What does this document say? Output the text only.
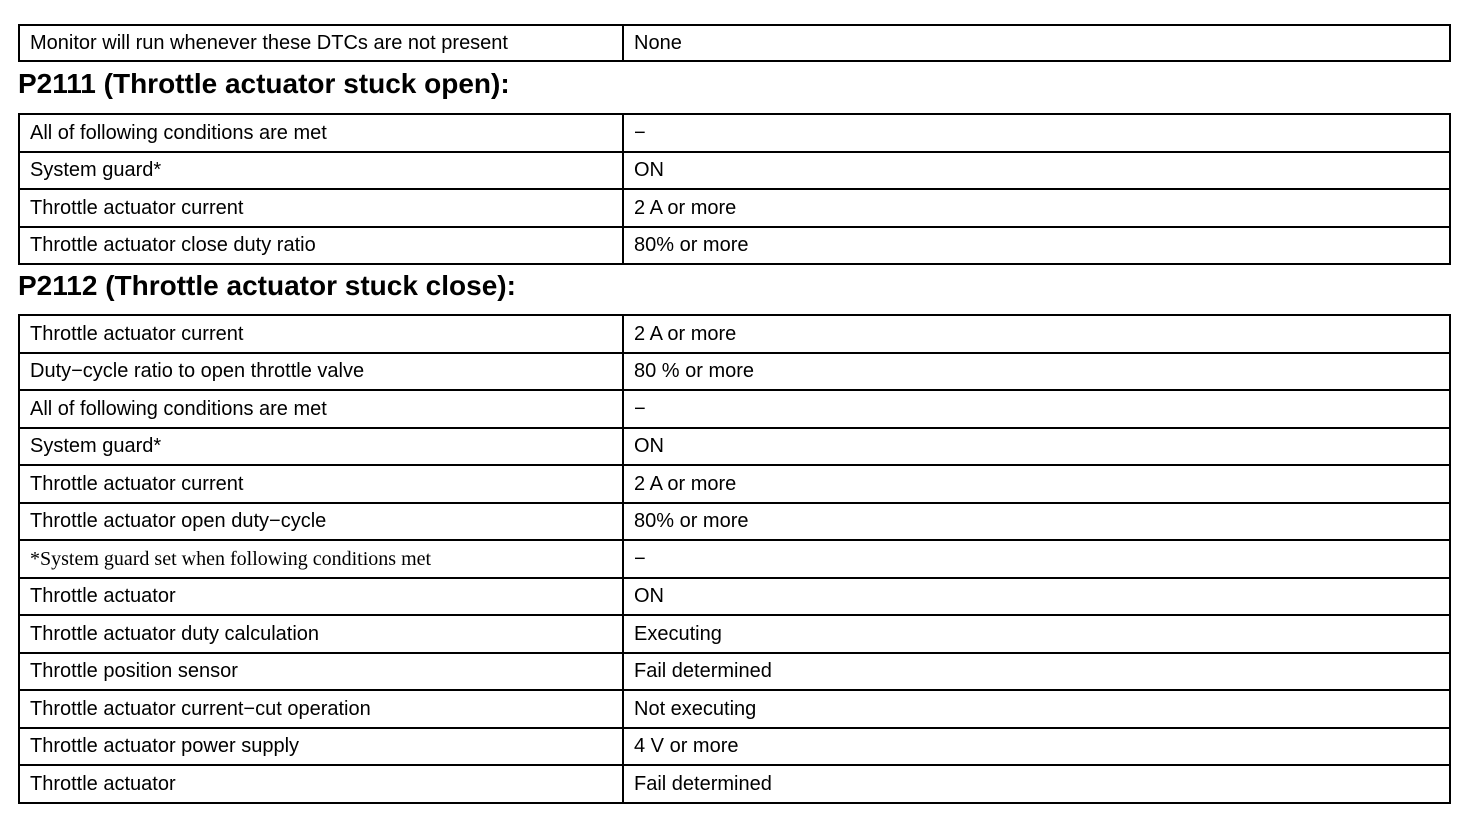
Monitor will run whenever these DTCs are not present	None
P2111 (Throttle actuator stuck open):
All of following conditions are met	−
System guard*	ON
Throttle actuator current	2 A or more
Throttle actuator close duty ratio	80% or more
P2112 (Throttle actuator stuck close):
Throttle actuator current	2 A or more
Duty−cycle ratio to open throttle valve	80 % or more
All of following conditions are met	−
System guard*	ON
Throttle actuator current	2 A or more
Throttle actuator open duty−cycle	80% or more
*System guard set when following conditions met	−
Throttle actuator	ON
Throttle actuator duty calculation	Executing
Throttle position sensor	Fail determined
Throttle actuator current−cut operation	Not executing
Throttle actuator power supply	4 V or more
Throttle actuator	Fail determined
